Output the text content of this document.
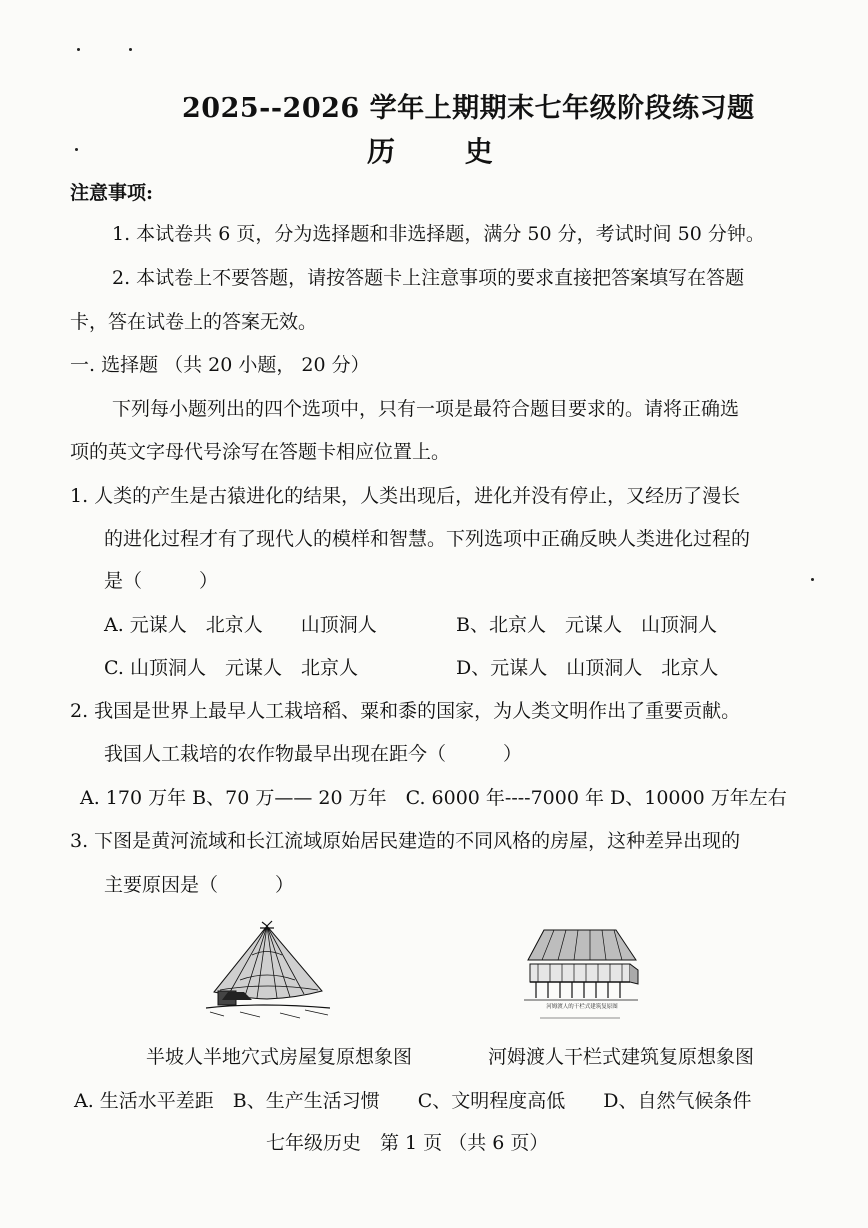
2025--2026 学年上期期末七年级阶段练习题
历 史
注意事项:
1. 本试卷共 6 页，分为选择题和非选择题，满分 50 分，考试时间 50 分钟。
2. 本试卷上不要答题，请按答题卡上注意事项的要求直接把答案填写在答题
卡，答在试卷上的答案无效。
一. 选择题 （共 20 小题， 20 分）
下列每小题列出的四个选项中，只有一项是最符合题目要求的。请将正确选
项的英文字母代号涂写在答题卡相应位置上。
1. 人类的产生是古猿进化的结果，人类出现后，进化并没有停止，又经历了漫长
的进化过程才有了现代人的模样和智慧。下列选项中正确反映人类进化过程的
是（　　　）
A. 元谋人　北京人　　山顶洞人	B、北京人　元谋人　山顶洞人
C. 山顶洞人　元谋人　北京人	D、元谋人　山顶洞人　北京人
2. 我国是世界上最早人工栽培稻、粟和黍的国家，为人类文明作出了重要贡献。
我国人工栽培的农作物最早出现在距今（　　　）
A. 170 万年 B、70 万—— 20 万年　C. 6000 年----7000 年 D、10000 万年左右
3. 下图是黄河流域和长江流域原始居民建造的不同风格的房屋，这种差异出现的
主要原因是（　　　）
河姆渡人的干栏式建筑复原图
半坡人半地穴式房屋复原想象图	河姆渡人干栏式建筑复原想象图
A. 生活水平差距　B、生产生活习惯　　C、文明程度高低　　D、自然气候条件
七年级历史　第 1 页 （共 6 页）
